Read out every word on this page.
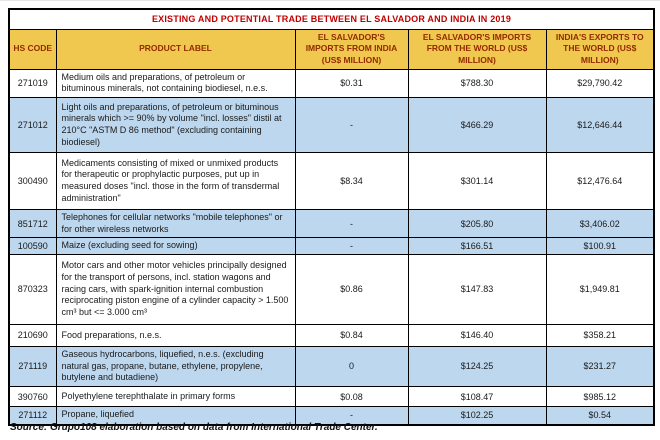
EXISTING AND POTENTIAL TRADE BETWEEN EL SALVADOR AND INDIA IN 2019				
HS CODE	PRODUCT LABEL	EL SALVADOR'S IMPORTS FROM INDIA (US$ MILLION)	EL SALVADOR'S IMPORTS FROM THE WORLD (US$ MILLION)	INDIA'S EXPORTS TO THE WORLD (US$ MILLION)
271019	Medium oils and preparations, of petroleum or bituminous minerals, not containing biodiesel, n.e.s.	$0.31	$788.30	$29,790.42
271012	Light oils and preparations, of petroleum or bituminous minerals which >= 90% by volume "incl. losses" distil at 210°C "ASTM D 86 method" (excluding containing biodiesel)	-	$466.29	$12,646.44
300490	Medicaments consisting of mixed or unmixed products for therapeutic or prophylactic purposes, put up in measured doses "incl. those in the form of transdermal administration"	$8.34	$301.14	$12,476.64
851712	Telephones for cellular networks "mobile telephones" or for other wireless networks	-	$205.80	$3,406.02
100590	Maize (excluding seed for sowing)	-	$166.51	$100.91
870323	Motor cars and other motor vehicles principally designed for the transport of persons, incl. station wagons and racing cars, with spark-ignition internal combustion reciprocating piston engine of a cylinder capacity > 1.500 cm³ but <= 3.000 cm³	$0.86	$147.83	$1,949.81
210690	Food preparations, n.e.s.	$0.84	$146.40	$358.21
271119	Gaseous hydrocarbons, liquefied, n.e.s. (excluding natural gas, propane, butane, ethylene, propylene, butylene and butadiene)	0	$124.25	$231.27
390760	Polyethylene terephthalate in primary forms	$0.08	$108.47	$985.12
271112	Propane, liquefied	-	$102.25	$0.54
Source: Grupo108 elaboration based on data from International Trade Center.
